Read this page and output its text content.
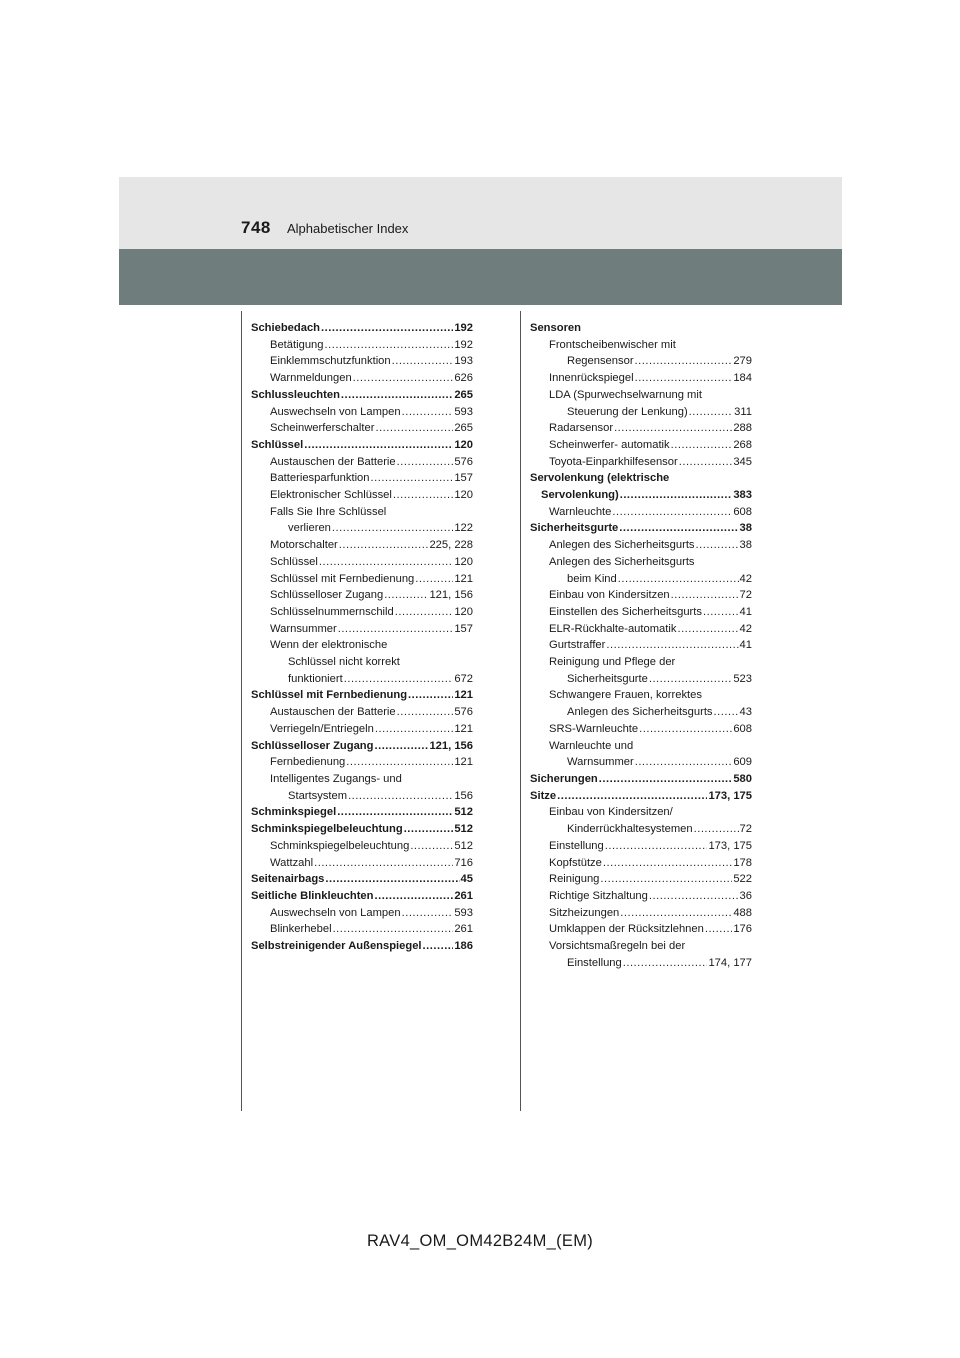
748 Alphabetischer Index
Schiebedach .....	192
Betätigung .....	192
Einklemmschutzfunktion .....	193
Warnmeldungen .....	626
Schlussleuchten .....	265
Auswechseln von Lampen .....	593
Scheinwerferschalter .....	265
Schlüssel .....	120
Austauschen der Batterie .....	576
Batteriesparfunktion .....	157
Elektronischer Schlüssel .....	120
Falls Sie Ihre Schlüssel
verlieren .....	122
Motorschalter .....	225, 228
Schlüssel .....	120
Schlüssel mit Fernbedienung .....	121
Schlüsselloser Zugang .....	121, 156
Schlüsselnummernschild .....	120
Warnsummer .....	157
Wenn der elektronische
Schlüssel nicht korrekt
funktioniert .....	672
Schlüssel mit Fernbedienung .....	121
Austauschen der Batterie .....	576
Verriegeln/Entriegeln .....	121
Schlüsselloser Zugang .....	121, 156
Fernbedienung .....	121
Intelligentes Zugangs- und
Startsystem .....	156
Schminkspiegel .....	512
Schminkspiegelbeleuchtung .....	512
Schminkspiegelbeleuchtung .....	512
Wattzahl .....	716
Seitenairbags .....	45
Seitliche Blinkleuchten .....	261
Auswechseln von Lampen .....	593
Blinkerhebel .....	261
Selbstreinigender Außenspiegel .....	186
Sensoren
Frontscheibenwischer mit
Regensensor .....	279
Innenrückspiegel .....	184
LDA (Spurwechselwarnung mit
Steuerung der Lenkung) .....	311
Radarsensor .....	288
Scheinwerfer- automatik .....	268
Toyota-Einparkhilfesensor .....	345
Servolenkung (elektrische
Servolenkung) .....	383
Warnleuchte .....	608
Sicherheitsgurte .....	38
Anlegen des Sicherheitsgurts .....	38
Anlegen des Sicherheitsgurts
beim Kind .....	42
Einbau von Kindersitzen .....	72
Einstellen des Sicherheitsgurts .....	41
ELR-Rückhalte-automatik .....	42
Gurtstraffer .....	41
Reinigung und Pflege der
Sicherheitsgurte .....	523
Schwangere Frauen, korrektes
Anlegen des Sicherheitsgurts ..... 43
SRS-Warnleuchte .....	608
Warnleuchte und
Warnsummer .....	609
Sicherungen .....	580
Sitze .....	173, 175
Einbau von Kindersitzen/
Kinderrückhaltesystemen .....	72
Einstellung .....	173, 175
Kopfstütze .....	178
Reinigung .....	522
Richtige Sitzhaltung .....	36
Sitzheizungen .....	488
Umklappen der Rücksitzlehnen .....	176
Vorsichtsmaßregeln bei der
Einstellung .....	174, 177
RAV4_OM_OM42B24M_(EM)
